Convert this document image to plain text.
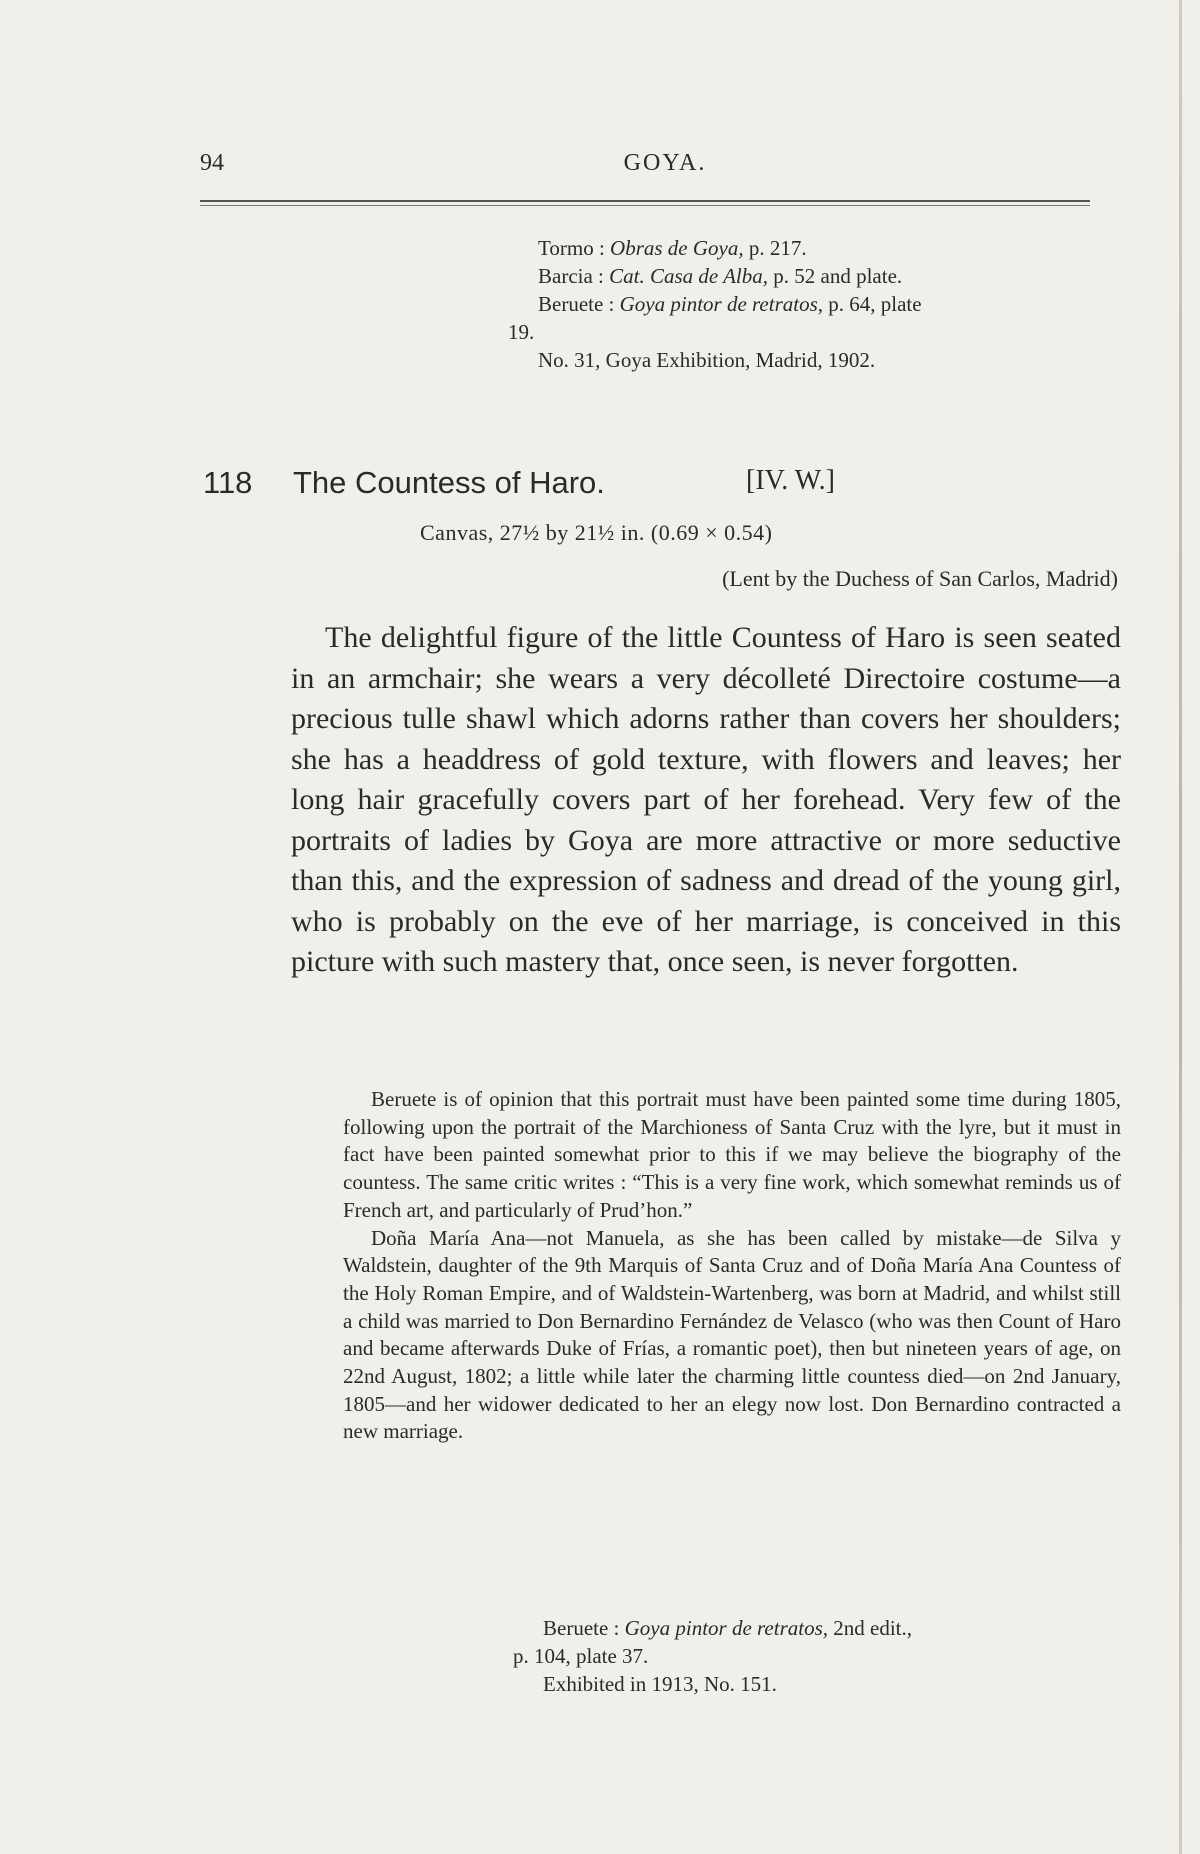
94	GOYA.

Tormo : Obras de Goya, p. 217.

Barcia : Cat. Casa de Alba, p. 52 and plate.

Beruete : Goya pintor de retratos, p. 64, plate

19.

No. 31, Goya Exhibition, Madrid, 1902.

118 The Countess of Haro.	[IV. W.]
Canvas, 27½ by 21½ in. (0.69 × 0.54)
(Lent by the Duchess of San Carlos, Madrid)

The delightful figure of the little Countess of Haro is seen seated in an armchair; she wears a very décolleté Directoire costume—a precious tulle shawl which adorns rather than covers her shoulders; she has a headdress of gold texture, with flowers and leaves; her long hair gracefully covers part of her forehead. Very few of the portraits of ladies by Goya are more attractive or more seductive than this, and the expression of sadness and dread of the young girl, who is probably on the eve of her marriage, is conceived in this picture with such mastery that, once seen, is never forgotten.

Beruete is of opinion that this portrait must have been painted some time during 1805, following upon the portrait of the Marchioness of Santa Cruz with the lyre, but it must in fact have been painted somewhat prior to this if we may believe the biography of the countess. The same critic writes : “This is a very fine work, which somewhat reminds us of French art, and particularly of Prud’hon.”

Doña María Ana—not Manuela, as she has been called by mistake—de Silva y Waldstein, daughter of the 9th Marquis of Santa Cruz and of Doña María Ana Countess of the Holy Roman Empire, and of Waldstein-Wartenberg, was born at Madrid, and whilst still a child was married to Don Bernardino Fernández de Velasco (who was then Count of Haro and became afterwards Duke of Frías, a romantic poet), then but nineteen years of age, on 22nd August, 1802; a little while later the charming little countess died—on 2nd January, 1805—and her widower dedicated to her an elegy now lost. Don Bernardino contracted a new marriage.

Beruete : Goya pintor de retratos, 2nd edit.,

p. 104, plate 37.

Exhibited in 1913, No. 151.
